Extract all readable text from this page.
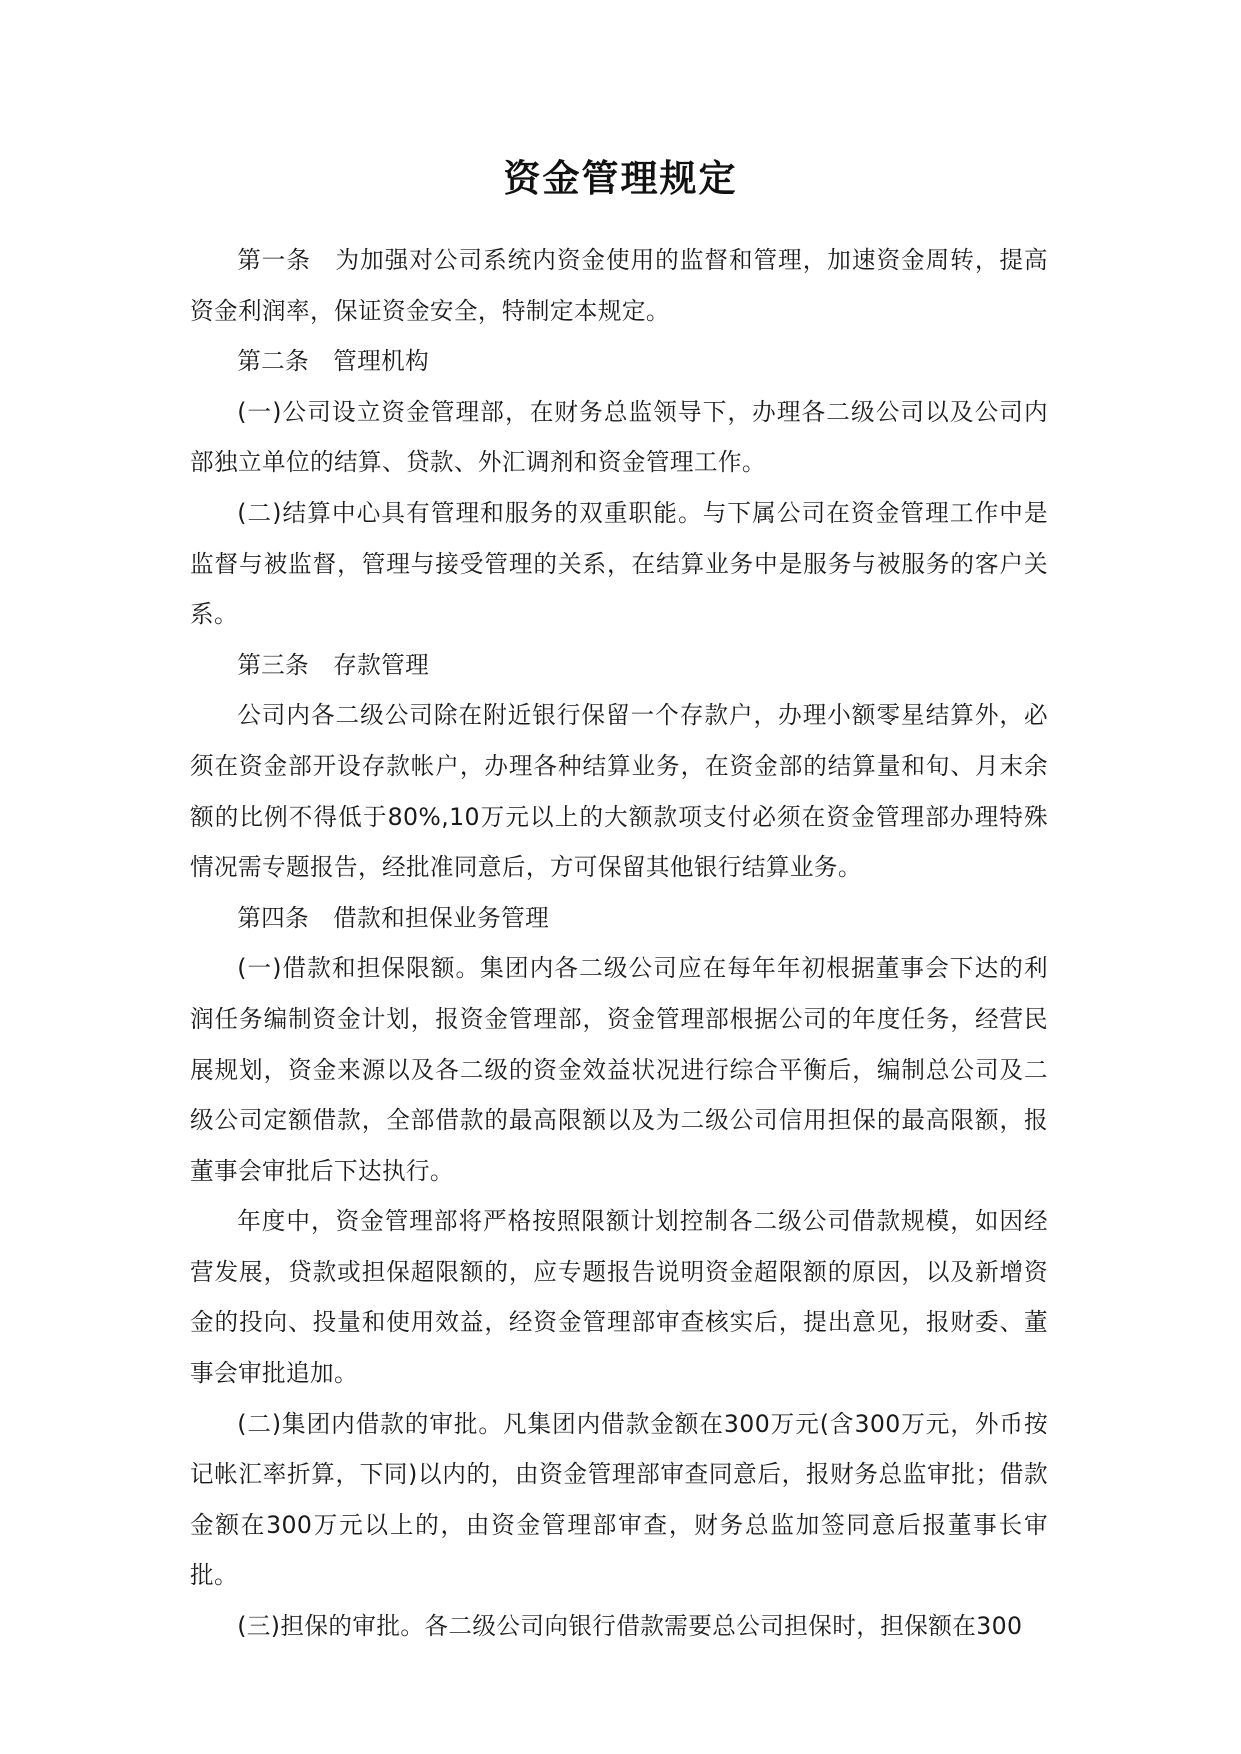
资金管理规定

第一条　为加强对公司系统内资金使用的监督和管理，加速资金周转，提高资金利润率，保证资金安全，特制定本规定。

第二条　管理机构

(一)公司设立资金管理部，在财务总监领导下，办理各二级公司以及公司内部独立单位的结算、贷款、外汇调剂和资金管理工作。

(二)结算中心具有管理和服务的双重职能。与下属公司在资金管理工作中是监督与被监督，管理与接受管理的关系，在结算业务中是服务与被服务的客户关系。

第三条　存款管理

公司内各二级公司除在附近银行保留一个存款户，办理小额零星结算外，必须在资金部开设存款帐户，办理各种结算业务，在资金部的结算量和旬、月末余额的比例不得低于80%,10万元以上的大额款项支付必须在资金管理部办理特殊情况需专题报告，经批准同意后，方可保留其他银行结算业务。

第四条　借款和担保业务管理

(一)借款和担保限额。集团内各二级公司应在每年年初根据董事会下达的利润任务编制资金计划，报资金管理部，资金管理部根据公司的年度任务，经营民展规划，资金来源以及各二级的资金效益状况进行综合平衡后，编制总公司及二级公司定额借款，全部借款的最高限额以及为二级公司信用担保的最高限额，报董事会审批后下达执行。

年度中，资金管理部将严格按照限额计划控制各二级公司借款规模，如因经营发展，贷款或担保超限额的，应专题报告说明资金超限额的原因，以及新增资金的投向、投量和使用效益，经资金管理部审查核实后，提出意见，报财委、董事会审批追加。

(二)集团内借款的审批。凡集团内借款金额在300万元(含300万元，外币按记帐汇率折算，下同)以内的，由资金管理部审查同意后，报财务总监审批；借款金额在300万元以上的，由资金管理部审查，财务总监加签同意后报董事长审批。

(三)担保的审批。各二级公司向银行借款需要总公司担保时，担保额在300
